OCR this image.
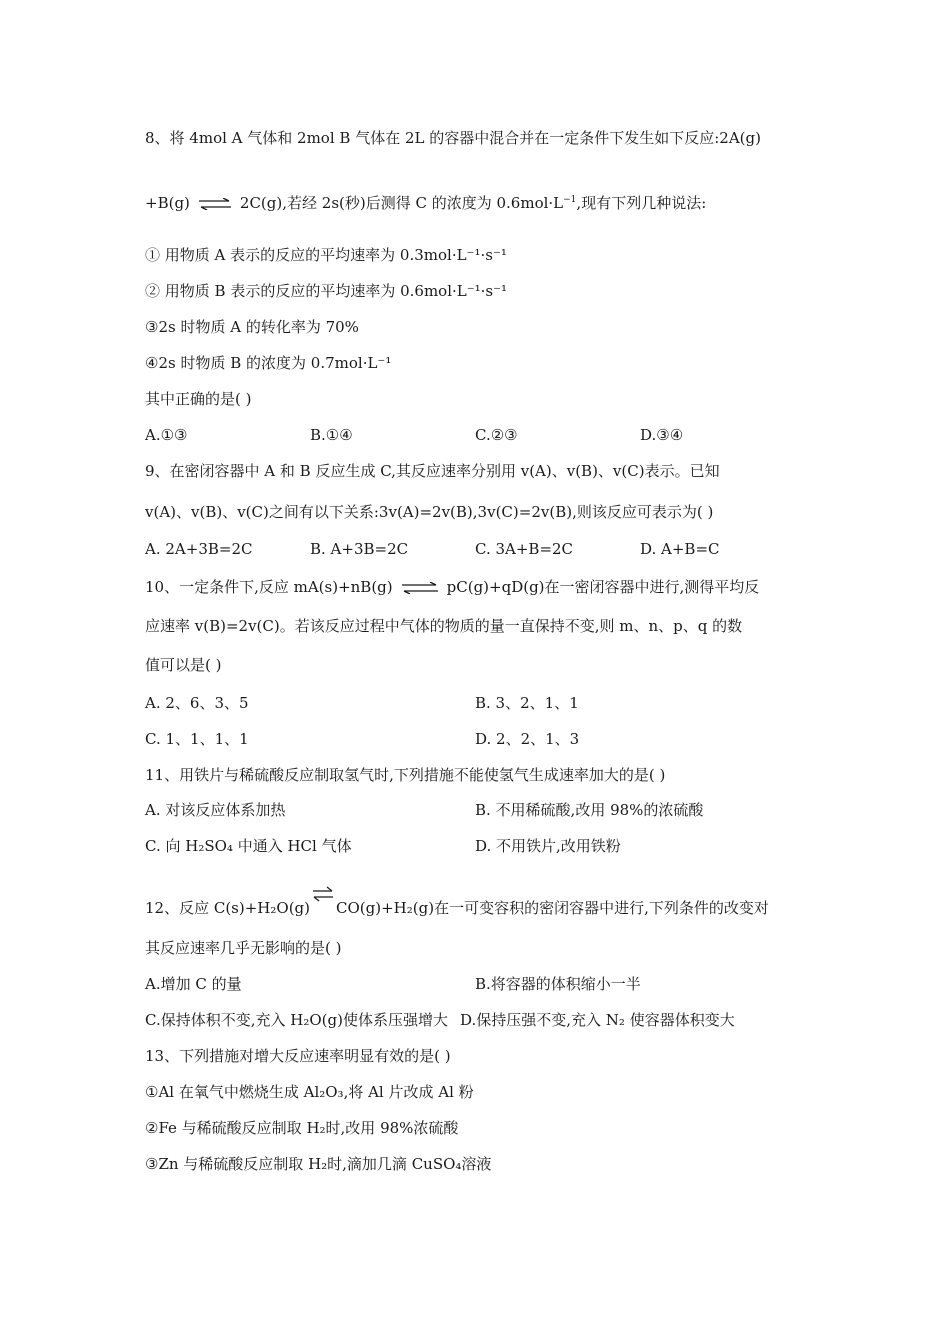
8、将 4mol A 气体和 2mol B 气体在 2L 的容器中混合并在一定条件下发生如下反应:2A(g)
+B(g) ⇌ 2C(g),若经 2s(秒)后测得 C 的浓度为 $0.6mol\cdot L^{-1}$,现有下列几种说法:
① 用物质 A 表示的反应的平均速率为 0.3mol·L⁻¹·s⁻¹
② 用物质 B 表示的反应的平均速率为 0.6mol·L⁻¹·s⁻¹
③2s 时物质 A 的转化率为 70%
④2s 时物质 B 的浓度为 0.7mol·L⁻¹
其中正确的是( )
A.①③	B.①④	C.②③	D.③④
9、在密闭容器中 A 和 B 反应生成 C,其反应速率分别用 v(A)、v(B)、v(C)表示。已知
v(A)、v(B)、v(C)之间有以下关系:3v(A)=2v(B),3v(C)=2v(B),则该反应可表示为( )
A. 2A+3B=2C	B. A+3B=2C	C. 3A+B=2C	D. A+B=C
10、一定条件下,反应 mA(s)+nB(g) ⇌ pC(g)+qD(g)在一密闭容器中进行,测得平均反
应速率 v(B)=2v(C)。若该反应过程中气体的物质的量一直保持不变,则 m、n、p、q 的数
值可以是( )
A. 2、6、3、5	B. 3、2、1、1
C. 1、1、1、1	D. 2、2、1、3
11、用铁片与稀硫酸反应制取氢气时,下列措施不能使氢气生成速率加大的是( )
A. 对该反应体系加热	B. 不用稀硫酸,改用 98%的浓硫酸
C. 向 H₂SO₄ 中通入 HCl 气体	D. 不用铁片,改用铁粉
12、反应 C(s)+H₂O(g) CO(g)+H₂(g)在一可变容积的密闭容器中进行,下列条件的改变对
其反应速率几乎无影响的是( )
A.增加 C 的量	B.将容器的体积缩小一半
C.保持体积不变,充入 H₂O(g)使体系压强增大 D.保持压强不变,充入 N₂ 使容器体积变大
13、下列措施对增大反应速率明显有效的是( )
①Al 在氧气中燃烧生成 Al₂O₃,将 Al 片改成 Al 粉
②Fe 与稀硫酸反应制取 H₂时,改用 98%浓硫酸
③Zn 与稀硫酸反应制取 H₂时,滴加几滴 CuSO₄溶液
